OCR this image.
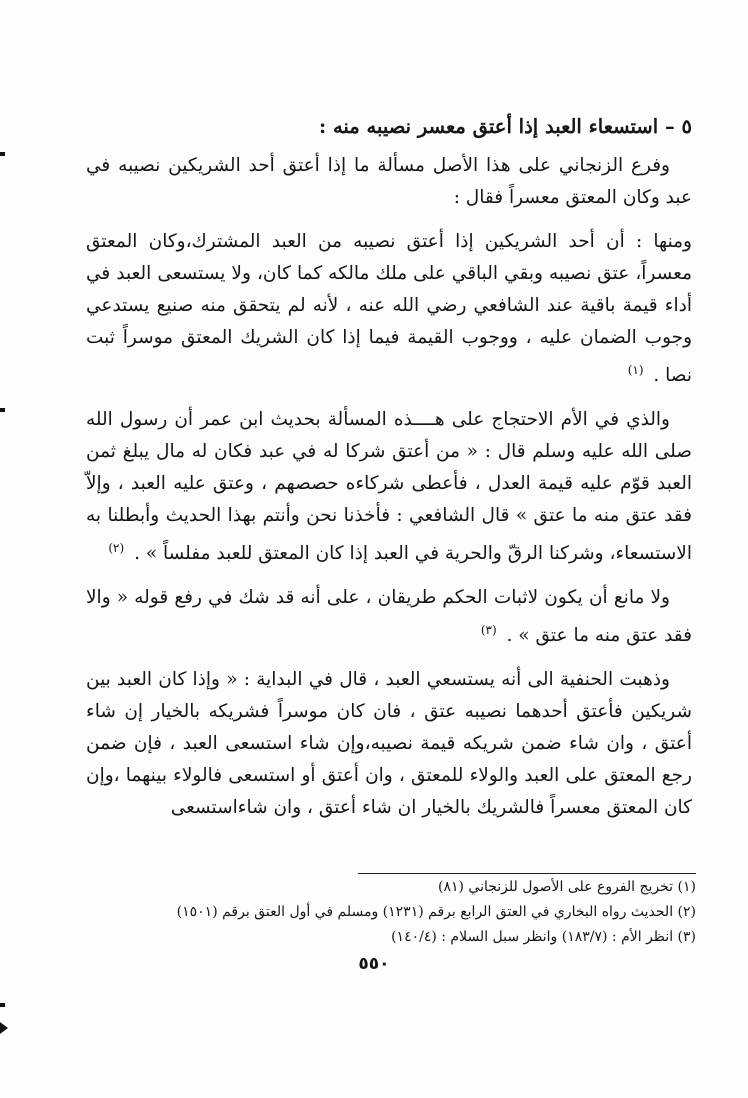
٥ – استسعاء العبد إذا أعتق معسر نصيبه منه :

وفرع الزنجاني على هذا الأصل مسألة ما إذا أعتق أحد الشريكين نصيبه في عبد وكان المعتق معسراً فقال :

ومنها : أن أحد الشريكين إذا أعتق نصيبه من العبد المشترك،وكان المعتق معسراً، عتق نصيبه وبقي الباقي على ملك مالكه كما كان، ولا يستسعى العبد في أداء قيمة باقية عند الشافعي رضي الله عنه ، لأنه لم يتحقق منه صنيع يستدعي وجوب الضمان عليه ، ووجوب القيمة فيما إذا كان الشريك المعتق موسراً ثبت نصا . $^{(١)}$

والذي في الأم الاحتجاج على هــــذه المسألة بحديث ابن عمر أن رسول الله صلى الله عليه وسلم قال : « من أعتق شركا له في عبد فكان له مال يبلغ ثمن العبد قوّم عليه قيمة العدل ، فأعطى شركاءه حصصهم ، وعتق عليه العبد ، وإلاّ فقد عتق منه ما عتق » قال الشافعي : فأخذنا نحن وأنتم بهذا الحديث وأبطلنا به الاستسعاء، وشركنا الرقّ والحرية في العبد إذا كان المعتق للعبد مفلساً » . $^{(٢)}$

ولا مانع أن يكون لاثبات الحكم طريقان ، على أنه قد شك في رفع قوله « والا فقد عتق منه ما عتق » . $^{(٣)}$

وذهبت الحنفية الى أنه يستسعي العبد ، قال في البداية : « وإذا كان العبد بين شريكين فأعتق أحدهما نصيبه عتق ، فان كان موسراً فشريكه بالخيار إن شاء أعتق ، وان شاء ضمن شريكه قيمة نصيبه،وإن شاء استسعى العبد ، فإن ضمن رجع المعتق على العبد والولاء للمعتق ، وان أعتق أو استسعى فالولاء بينهما ،وإن كان المعتق معسراً فالشريك بالخيار ان شاء أعتق ، وان شاءاستسعى

(١) تخريج الفروع على الأصول للزنجاني (٨١)

(٢) الحديث رواه البخاري في العتق الرابع برقم (١٢٣١) ومسلم في أول العتق برقم (١٥٠١)

(٣) انظر الأم : (١٨٣/٧) وانظر سبل السلام : (١٤٠/٤)

٥٥٠
